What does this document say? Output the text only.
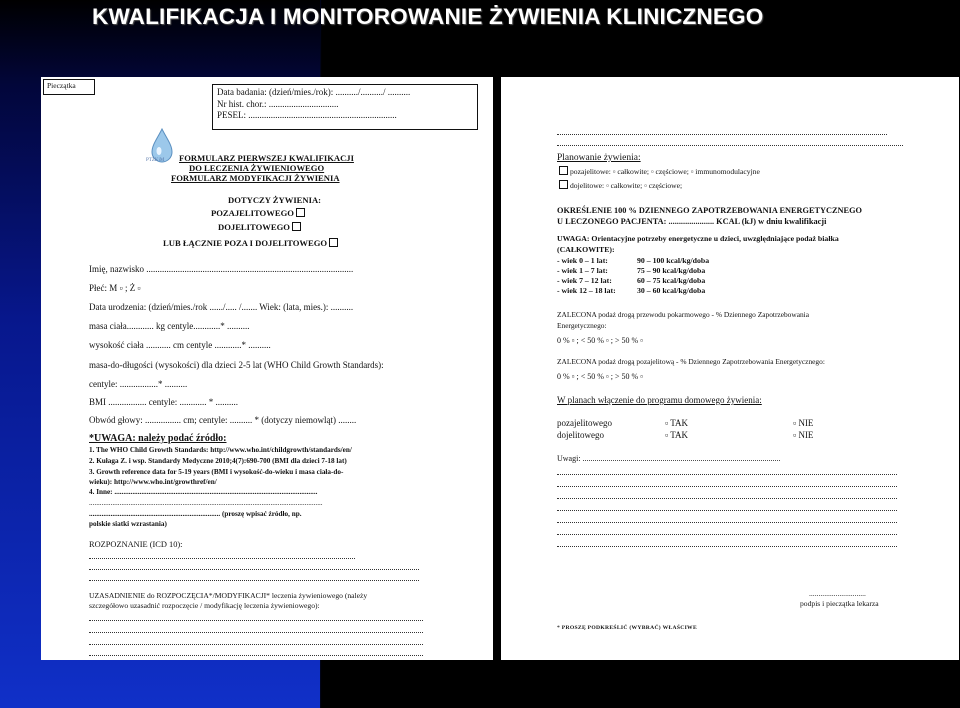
KWALIFIKACJA I MONITOROWANIE ŻYWIENIA KLINICZNEGO
Pieczątka
Data badania: (dzień/mies./rok): ........../........../ ..........
Nr hist. chor.: ...............................
PESEL: ..................................................................
PTŻKiM FORMULARZ PIERWSZEJ KWALIFIKACJI
DO LECZENIA ŻYWIENIOWEGO
FORMULARZ MODYFIKACJI ŻYWIENIA
DOTYCZY ŻYWIENIA:
POZAJELITOWEGO
DOJELITOWEGO
LUB ŁĄCZNIE POZA I DOJELITOWEGO
Imię, nazwisko ............................................................................................
Płeć: M ▫ ; Ż ▫
Data urodzenia: (dzień/mies./rok ....../..... /....... Wiek: (lata, mies.): ..........
masa ciała............ kg centyle............* ..........
wysokość ciała ........... cm centyle ............* ..........
masa-do-długości (wysokości) dla dzieci 2-5 lat (WHO Child Growth Standards):
centyle: .................* ..........
BMI ................. centyle: ............ * ..........
Obwód głowy: ................ cm; centyle: .......... * (dotyczy niemowląt) ........
*UWAGA: należy podać źródło:
1. The WHO Child Growth Standards: http://www.who.int/childgrowth/standards/en/
2. Kułaga Z. i wsp. Standardy Medyczne 2010;4(7):690-700 (BMI dla dzieci 7-18 lat)
3. Growth reference data for 5-19 years (BMI i wysokość-do-wieku i masa ciała-do-
wieku): http://www.who.int/growthref/en/
4. Inne: .................................................................................................................
..................................................................................................................................
......................................................................... (proszę wpisać źródło, np.
polskie siatki wzrastania)
ROZPOZNANIE (ICD 10):
UZASADNIENIE do ROZPOCZĘCIA*/MODYFIKACJI* leczenia żywieniowego (należy
szczegółowo uzasadnić rozpoczęcie / modyfikację leczenia żywieniowego):
Planowanie żywienia:
pozajelitowe: ▫ całkowite; ▫ częściowe; ▫ immunomodulacyjne
dojelitowe: ▫ całkowite; ▫ częściowe;
OKREŚLENIE 100 % DZIENNEGO ZAPOTRZEBOWANIA ENERGETYCZNEGO
U LECZONEGO PACJENTA: ...................... KCAL (kJ) w dniu kwalifikacji
UWAGA: Orientacyjne potrzeby energetyczne u dzieci, uwzględniające podaż białka
(CAŁKOWITE):
- wiek 0 – 1 lat:	90 – 100 kcal/kg/doba
- wiek 1 – 7 lat:	75 – 90 kcal/kg/doba
- wiek 7 – 12 lat:	60 – 75 kcal/kg/doba
- wiek 12 – 18 lat:	30 – 60 kcal/kg/doba
ZALECONA podaż drogą przewodu pokarmowego - % Dziennego Zapotrzebowania
Energetycznego:
0 % ▫ ; < 50 % ▫ ; > 50 % ▫
ZALECONA podaż drogą pozajelitową - % Dziennego Zapotrzebowania Energetycznego:
0 % ▫ ; < 50 % ▫ ; > 50 % ▫
W planach włączenie do programu domowego żywienia:
pozajelitowego	▫ TAK	▫ NIE
dojelitowego	▫ TAK	▫ NIE
Uwagi: ...................................................................................................
..............................
podpis i pieczątka lekarza
* PROSZĘ PODKREŚLIĆ (WYBRAĆ) WŁAŚCIWE
